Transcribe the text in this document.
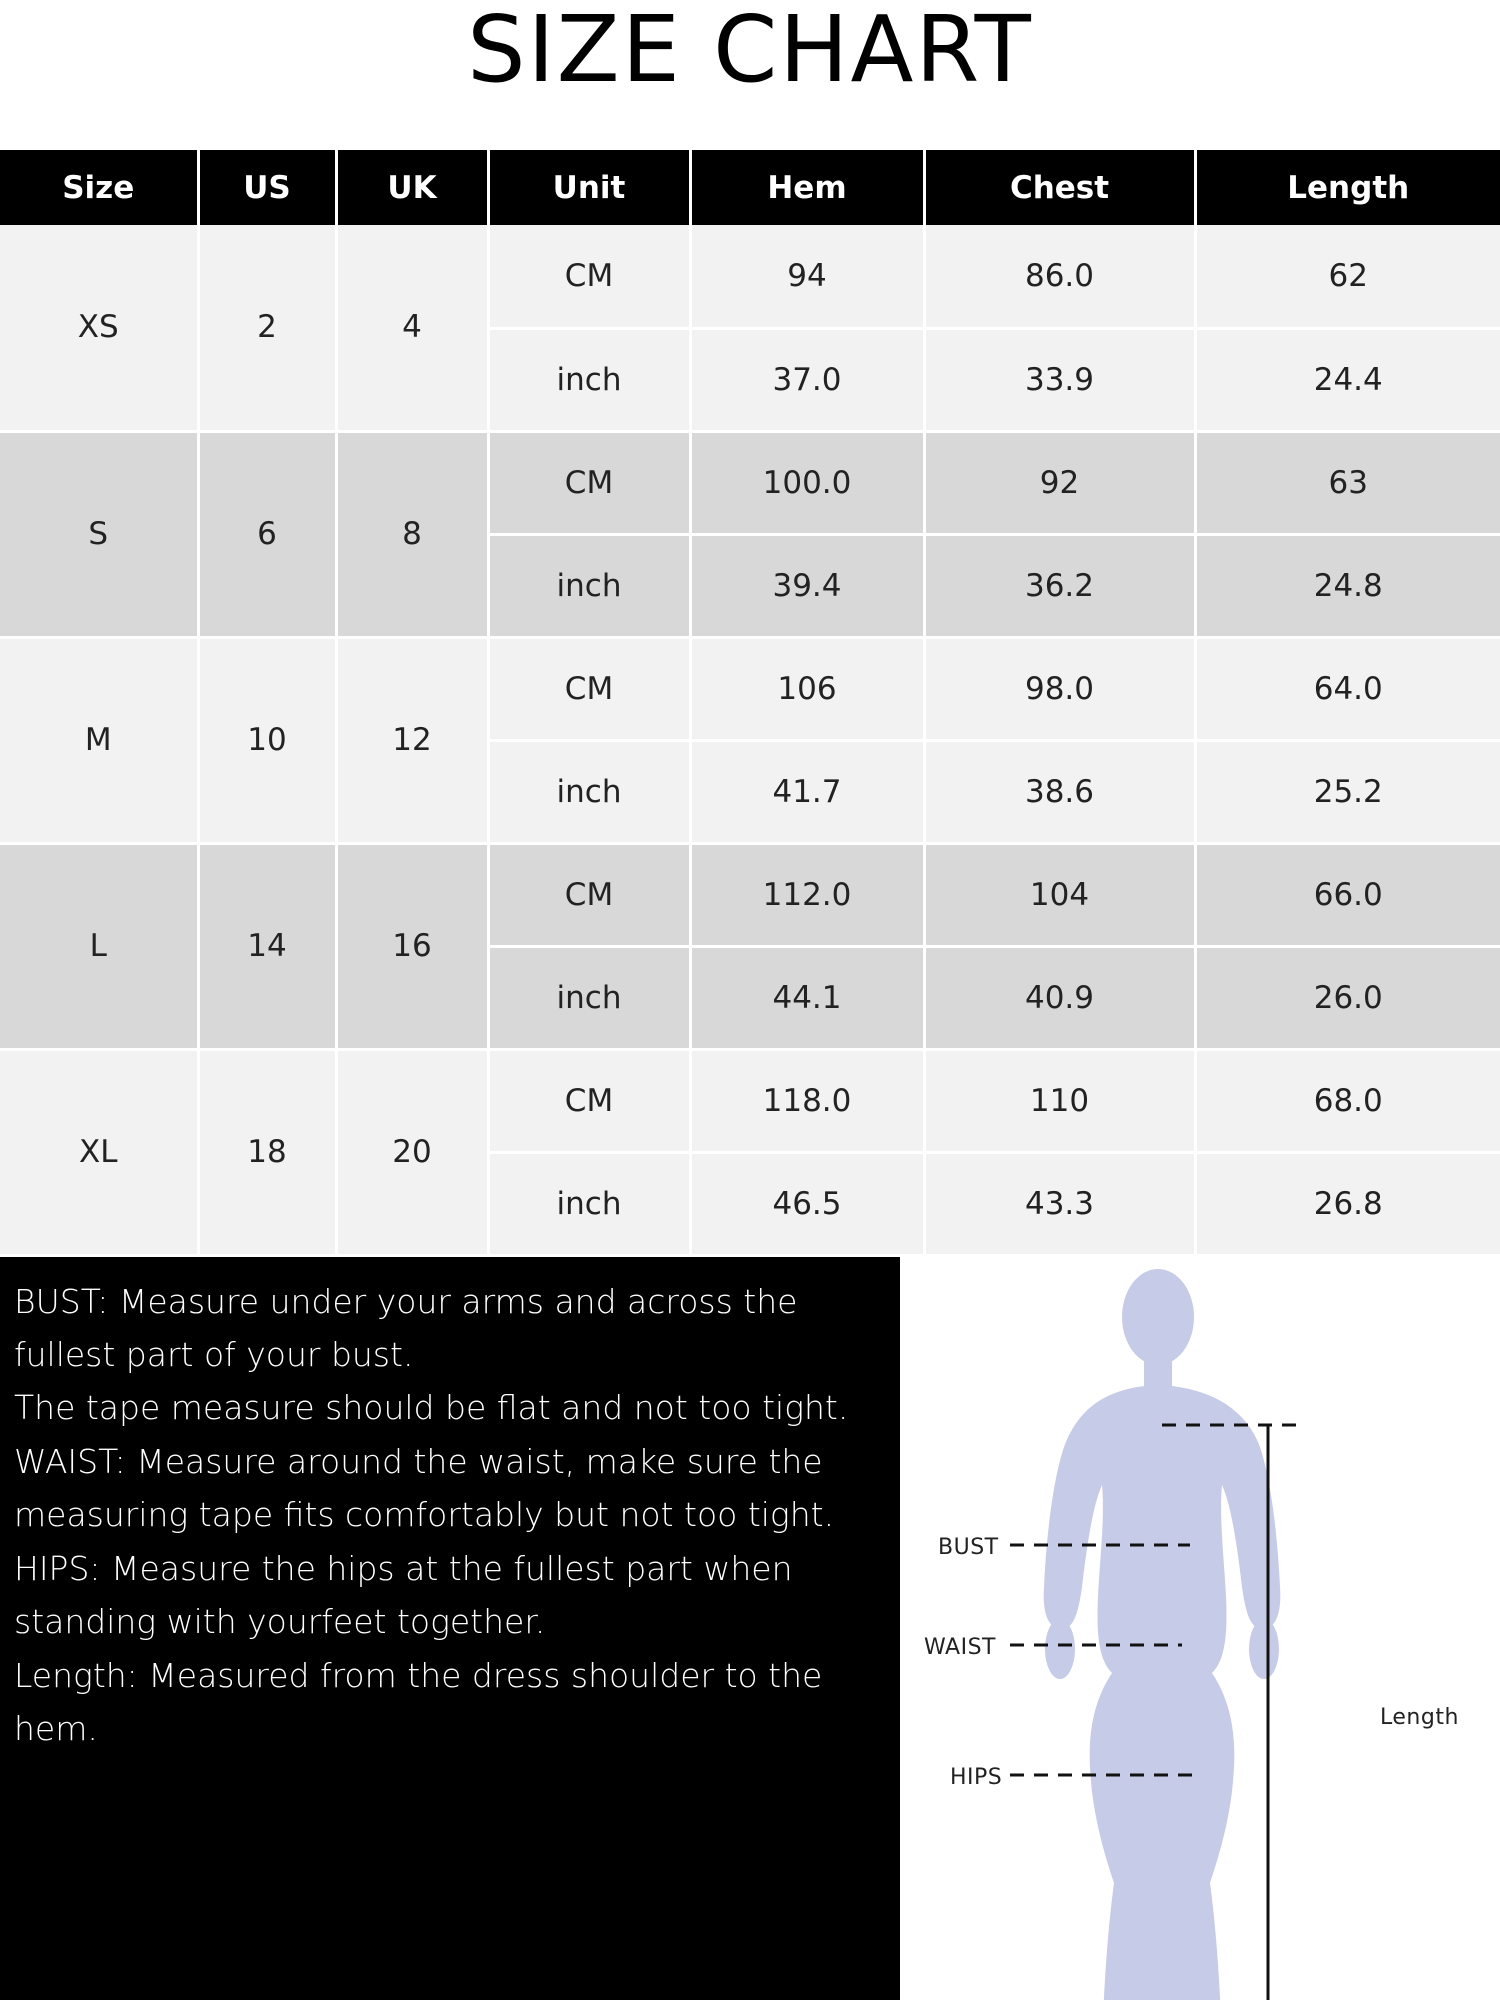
SIZE CHART
Size	US	UK	Unit	Hem	Chest	Length
XS	2	4	CM	94	86.0	62
			inch	37.0	33.9	24.4
S	6	8	CM	100.0	92	63
			inch	39.4	36.2	24.8
M	10	12	CM	106	98.0	64.0
			inch	41.7	38.6	25.2
L	14	16	CM	112.0	104	66.0
			inch	44.1	40.9	26.0
XL	18	20	CM	118.0	110	68.0
			inch	46.5	43.3	26.8

BUST: Measure under your arms and across the fullest part of your bust.

The tape measure should be flat and not too tight.

WAIST: Measure around the waist, make sure the measuring tape fits comfortably but not too tight.

HIPS: Measure the hips at the fullest part when standing with yourfeet together.

Length: Measured from the dress shoulder to the hem.

BUST
WAIST
HIPS
Length
